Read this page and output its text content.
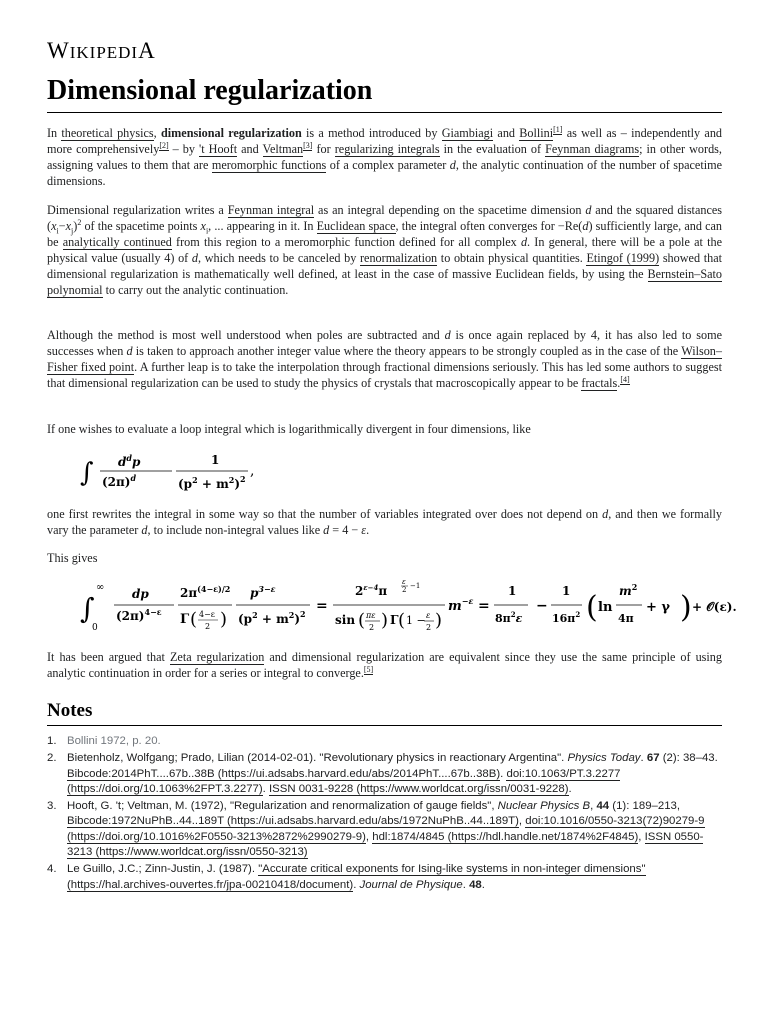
WIKIPEDIA
Dimensional regularization

In theoretical physics, dimensional regularization is a method introduced by Giambiagi and Bollini[1] as well as – independently and more comprehensively[2] – by 't Hooft and Veltman[3] for regularizing integrals in the evaluation of Feynman diagrams; in other words, assigning values to them that are meromorphic functions of a complex parameter d, the analytic continuation of the number of spacetime dimensions.

Dimensional regularization writes a Feynman integral as an integral depending on the spacetime dimension d and the squared distances $(x_i-x_j)^2$ of the spacetime points $x_i$, ... appearing in it. In Euclidean space, the integral often converges for −Re(d) sufficiently large, and can be analytically continued from this region to a meromorphic function defined for all complex d. In general, there will be a pole at the physical value (usually 4) of d, which needs to be canceled by renormalization to obtain physical quantities. Etingof (1999) showed that dimensional regularization is mathematically well defined, at least in the case of massive Euclidean fields, by using the Bernstein–Sato polynomial to carry out the analytic continuation.

Although the method is most well understood when poles are subtracted and d is once again replaced by 4, it has also led to some successes when d is taken to approach another integer value where the theory appears to be strongly coupled as in the case of the Wilson–Fisher fixed point. A further leap is to take the interpolation through fractional dimensions seriously. This has led some authors to suggest that dimensional regularization can be used to study the physics of crystals that macroscopically appear to be fractals.[4]

If one wishes to evaluate a loop integral which is logarithmically divergent in four dimensions, like

∫ $d^dp$
$(2\pi)^d$
1
$(p^2 + m^2)^2$ ,

one first rewrites the integral in some way so that the number of variables integrated over does not depend on d, and then we formally vary the parameter d, to include non-integral values like d = 4 − ε.

This gives

∫
∞
0
dp
$(2\pi)^{4-\varepsilon}$
$2\pi^{(4-\varepsilon)/2}$
Γ ( 4−ε
2 )
$p^{3-\varepsilon}$
$(p^2 + m^2)^2$ =
$2^{\varepsilon-4}\pi$
ε
2 −1
sin ( πε
2 ) Γ ( 1 − ε
2 )
$m^{-\varepsilon}$ =
1
$8\pi^2\varepsilon$
−
1
$16\pi^2$ ( ln
$m^2$
4π
+ γ ) + 𝒪(ε).

It has been argued that Zeta regularization and dimensional regularization are equivalent since they use the same principle of using analytic continuation in order for a series or integral to converge.[5]

Notes
1. Bollini 1972, p. 20.
2. Bietenholz, Wolfgang; Prado, Lilian (2014-02-01). "Revolutionary physics in reactionary Argentina". Physics Today. 67 (2): 38–43. Bibcode:2014PhT....67b..38B (https://ui.adsabs.harvard.edu/abs/2014PhT....67b..38B). doi:10.1063/PT.3.2277 (https://doi.org/10.1063%2FPT.3.2277). ISSN 0031-9228 (https://www.worldcat.org/issn/0031-9228).
3. Hooft, G. 't; Veltman, M. (1972), "Regularization and renormalization of gauge fields", Nuclear Physics B, 44 (1): 189–213, Bibcode:1972NuPhB..44..189T (https://ui.adsabs.harvard.edu/abs/1972NuPhB..44..189T), doi:10.1016/0550-3213(72)90279-9 (https://doi.org/10.1016%2F0550-3213%2872%2990279-9), hdl:1874/4845 (https://hdl.handle.net/1874%2F4845), ISSN 0550-3213 (https://www.worldcat.org/issn/0550-3213)
4. Le Guillo, J.C.; Zinn-Justin, J. (1987). "Accurate critical exponents for Ising-like systems in non-integer dimensions" (https://hal.archives-ouvertes.fr/jpa-00210418/document). Journal de Physique. 48.
